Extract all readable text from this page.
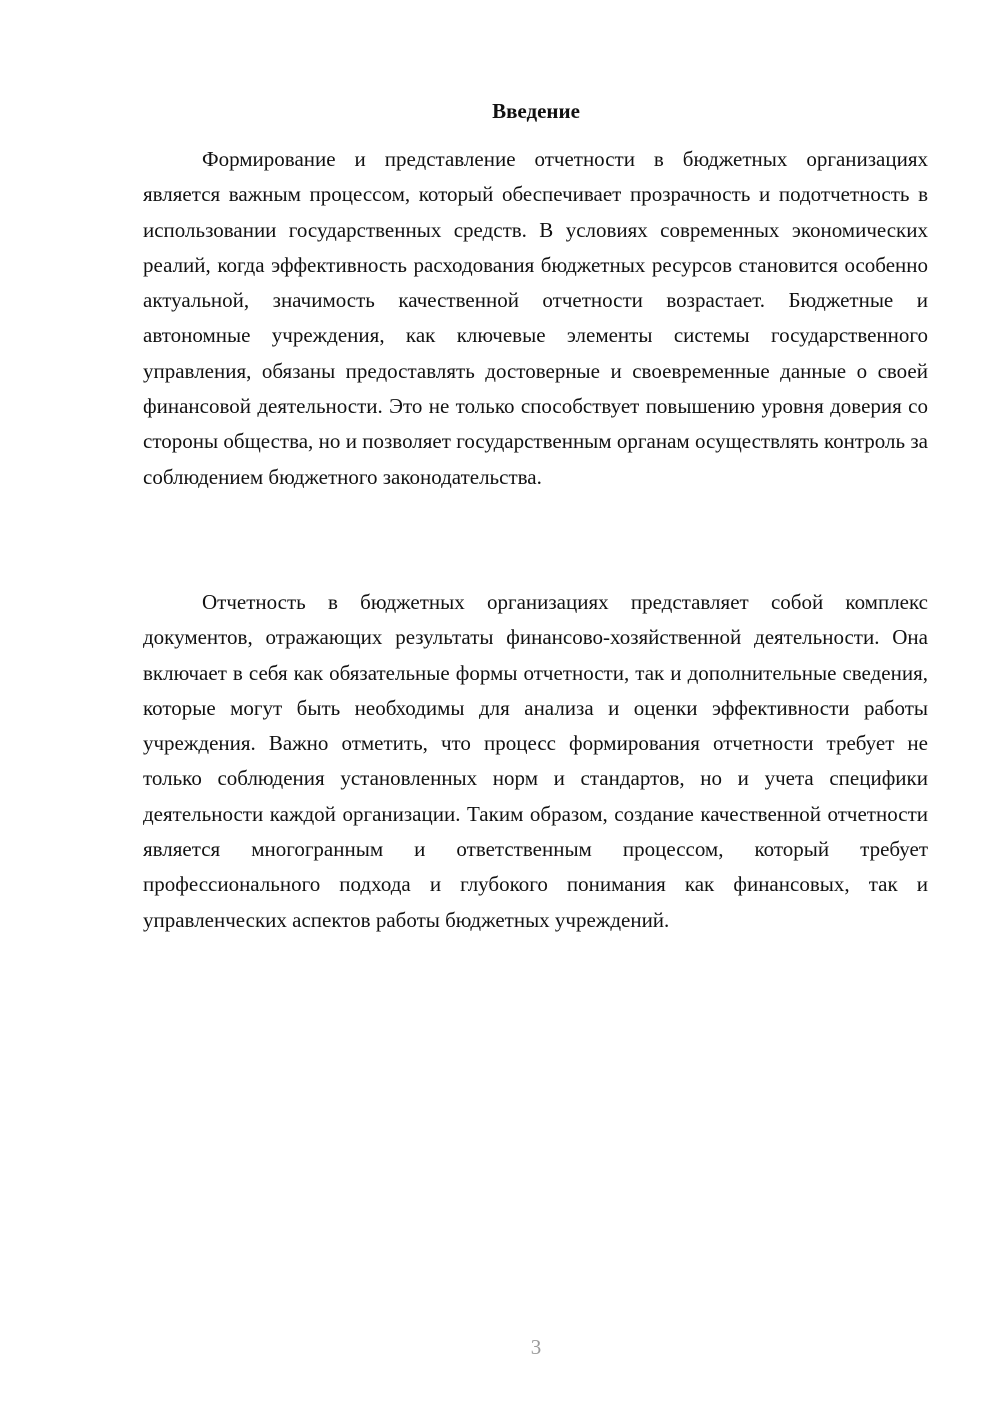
Введение

Формирование и представление отчетности в бюджетных организациях является важным процессом, который обеспечивает прозрачность и подотчетность в использовании государственных средств. В условиях современных экономических реалий, когда эффективность расходования бюджетных ресурсов становится особенно актуальной, значимость качественной отчетности возрастает. Бюджетные и автономные учреждения, как ключевые элементы системы государственного управления, обязаны предоставлять достоверные и своевременные данные о своей финансовой деятельности. Это не только способствует повышению уровня доверия со стороны общества, но и позволяет государственным органам осуществлять контроль за соблюдением бюджетного законодательства.

Отчетность в бюджетных организациях представляет собой комплекс документов, отражающих результаты финансово-хозяйственной деятельности. Она включает в себя как обязательные формы отчетности, так и дополнительные сведения, которые могут быть необходимы для анализа и оценки эффективности работы учреждения. Важно отметить, что процесс формирования отчетности требует не только соблюдения установленных норм и стандартов, но и учета специфики деятельности каждой организации. Таким образом, создание качественной отчетности является многогранным и ответственным процессом, который требует профессионального подхода и глубокого понимания как финансовых, так и управленческих аспектов работы бюджетных учреждений.

3
